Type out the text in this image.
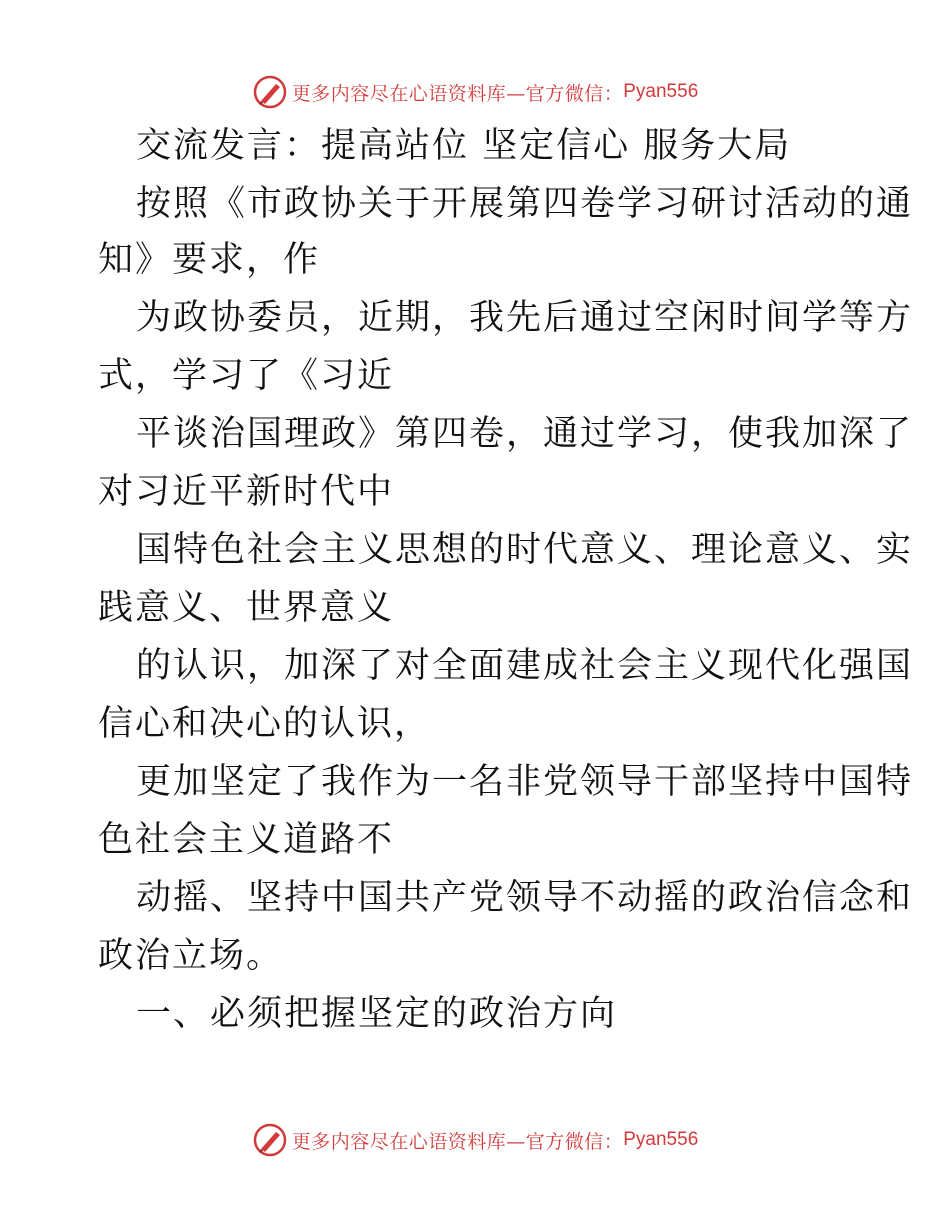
更多内容尽在心语资料库—官方微信： Pyan556
交流发言：提高站位 坚定信心 服务大局
按照《市政协关于开展第四卷学习研讨活动的通
知》要求，作
为政协委员，近期，我先后通过空闲时间学等方
式，学习了《习近
平谈治国理政》第四卷，通过学习，使我加深了
对习近平新时代中
国特色社会主义思想的时代意义、理论意义、实
践意义、世界意义
的认识，加深了对全面建成社会主义现代化强国
信心和决心的认识，
更加坚定了我作为一名非党领导干部坚持中国特
色社会主义道路不
动摇、坚持中国共产党领导不动摇的政治信念和
政治立场。
一、必须把握坚定的政治方向
更多内容尽在心语资料库—官方微信： Pyan556
